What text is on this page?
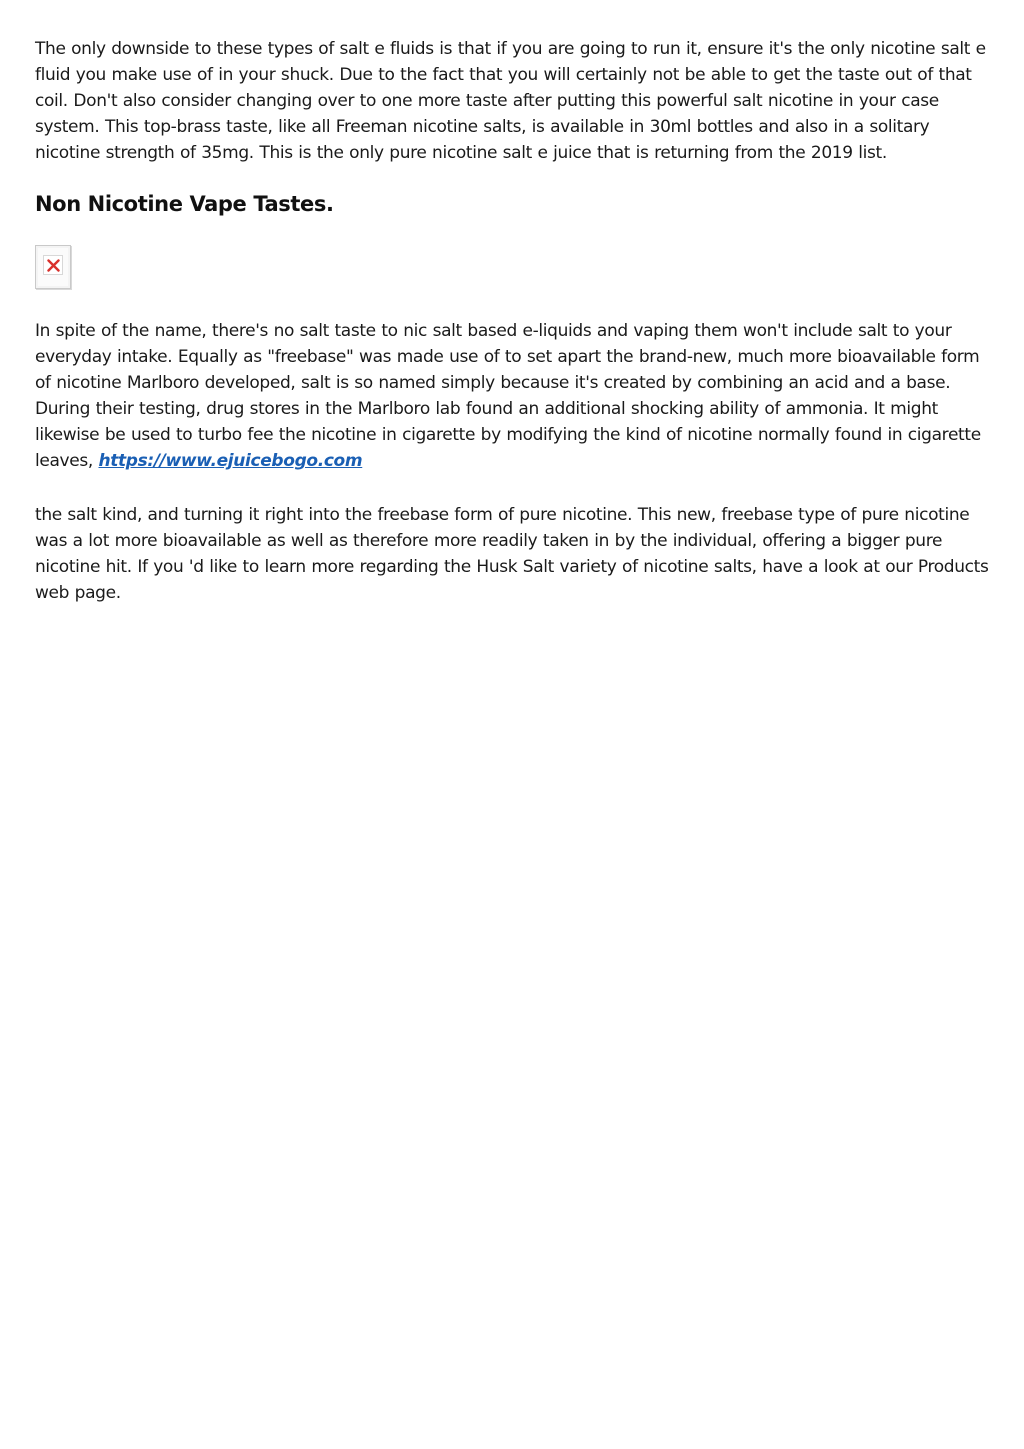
The only downside to these types of salt e fluids is that if you are going to run it, ensure it's the only nicotine salt e fluid you make use of in your shuck. Due to the fact that you will certainly not be able to get the taste out of that coil. Don't also consider changing over to one more taste after putting this powerful salt nicotine in your case system. This top-brass taste, like all Freeman nicotine salts, is available in 30ml bottles and also in a solitary nicotine strength of 35mg. This is the only pure nicotine salt e juice that is returning from the 2019 list.

Non Nicotine Vape Tastes.

In spite of the name, there's no salt taste to nic salt based e-liquids and vaping them won't include salt to your everyday intake. Equally as "freebase" was made use of to set apart the brand-new, much more bioavailable form of nicotine Marlboro developed, salt is so named simply because it's created by combining an acid and a base. During their testing, drug stores in the Marlboro lab found an additional shocking ability of ammonia. It might likewise be used to turbo fee the nicotine in cigarette by modifying the kind of nicotine normally found in cigarette leaves, https://www.ejuicebogo.com

the salt kind, and turning it right into the freebase form of pure nicotine. This new, freebase type of pure nicotine was a lot more bioavailable as well as therefore more readily taken in by the individual, offering a bigger pure nicotine hit. If you 'd like to learn more regarding the Husk Salt variety of nicotine salts, have a look at our Products web page.
